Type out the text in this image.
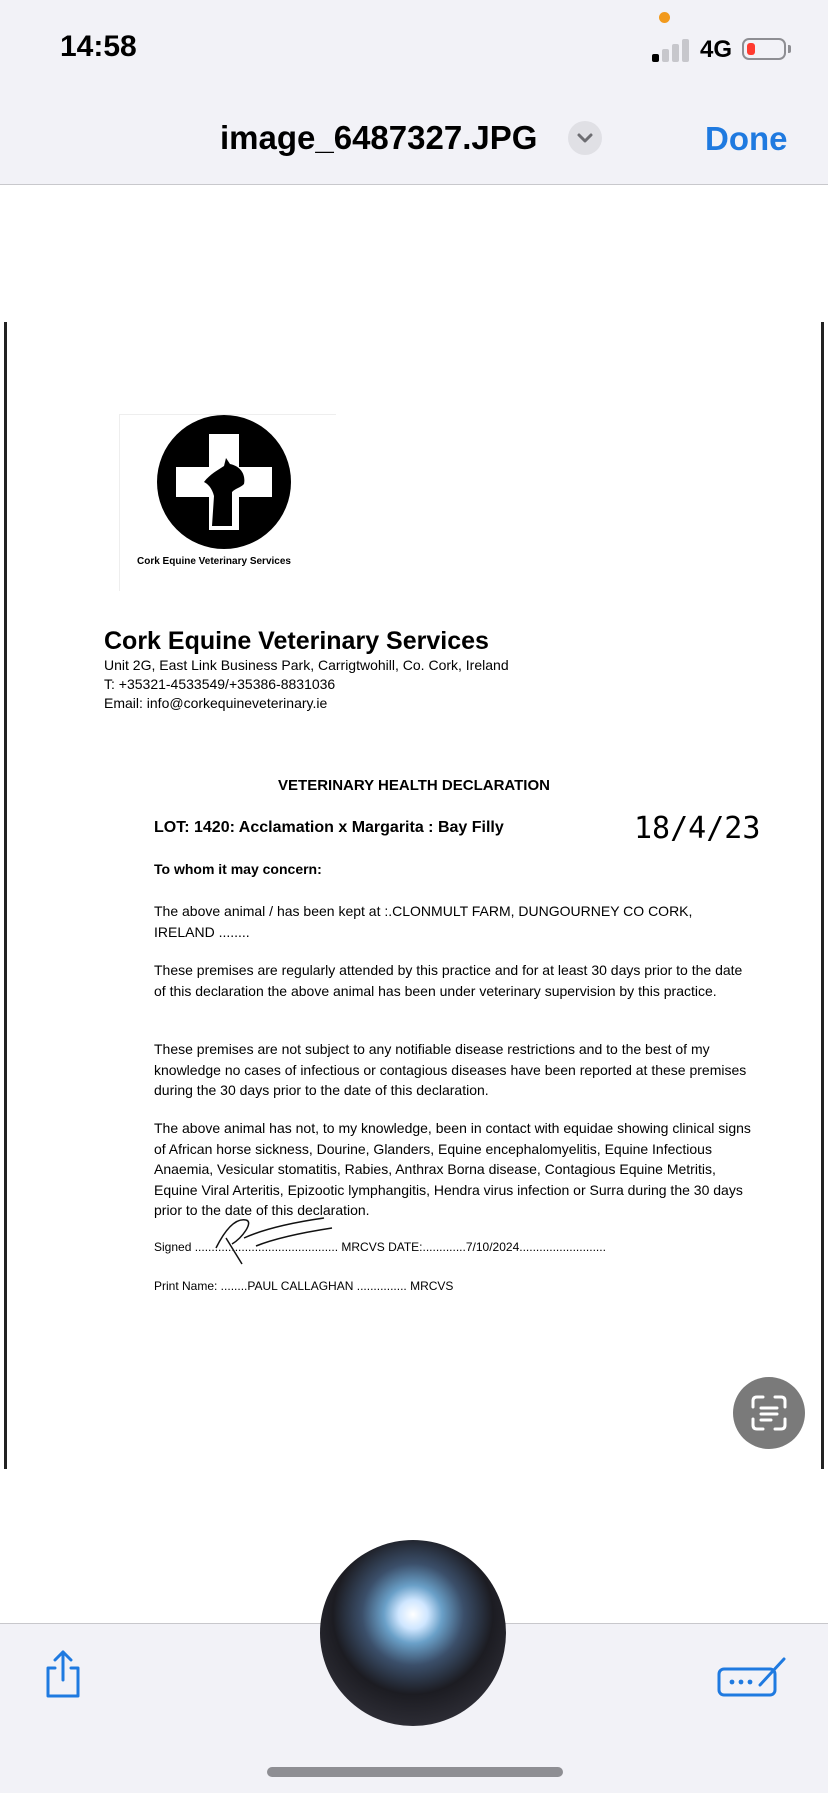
14:58	4G
image_6487327.JPG	Done
Cork Equine Veterinary Services
Cork Equine Veterinary Services
Unit 2G, East Link Business Park, Carrigtwohill, Co. Cork, Ireland
T: +35321-4533549/+35386-8831036
Email: info@corkequineveterinary.ie
VETERINARY HEALTH DECLARATION
LOT: 1420: Acclamation x Margarita : Bay Filly	18/4/23
To whom it may concern:
The above animal / has been kept at :.CLONMULT FARM, DUNGOURNEY CO CORK, IRELAND ........
These premises are regularly attended by this practice and for at least 30 days prior to the date of this declaration the above animal has been under veterinary supervision by this practice.
These premises are not subject to any notifiable disease restrictions and to the best of my knowledge no cases of infectious or contagious diseases have been reported at these premises during the 30 days prior to the date of this declaration.
The above animal has not, to my knowledge, been in contact with equidae showing clinical signs of African horse sickness, Dourine, Glanders, Equine encephalomyelitis, Equine Infectious Anaemia, Vesicular stomatitis, Rabies, Anthrax Borna disease, Contagious Equine Metritis, Equine Viral Arteritis, Epizootic lymphangitis, Hendra virus infection or Surra during the 30 days prior to the date of this declaration.
Signed ........................................... MRCVS DATE:.............7/10/2024..........................
Print Name: ........PAUL CALLAGHAN ............... MRCVS
